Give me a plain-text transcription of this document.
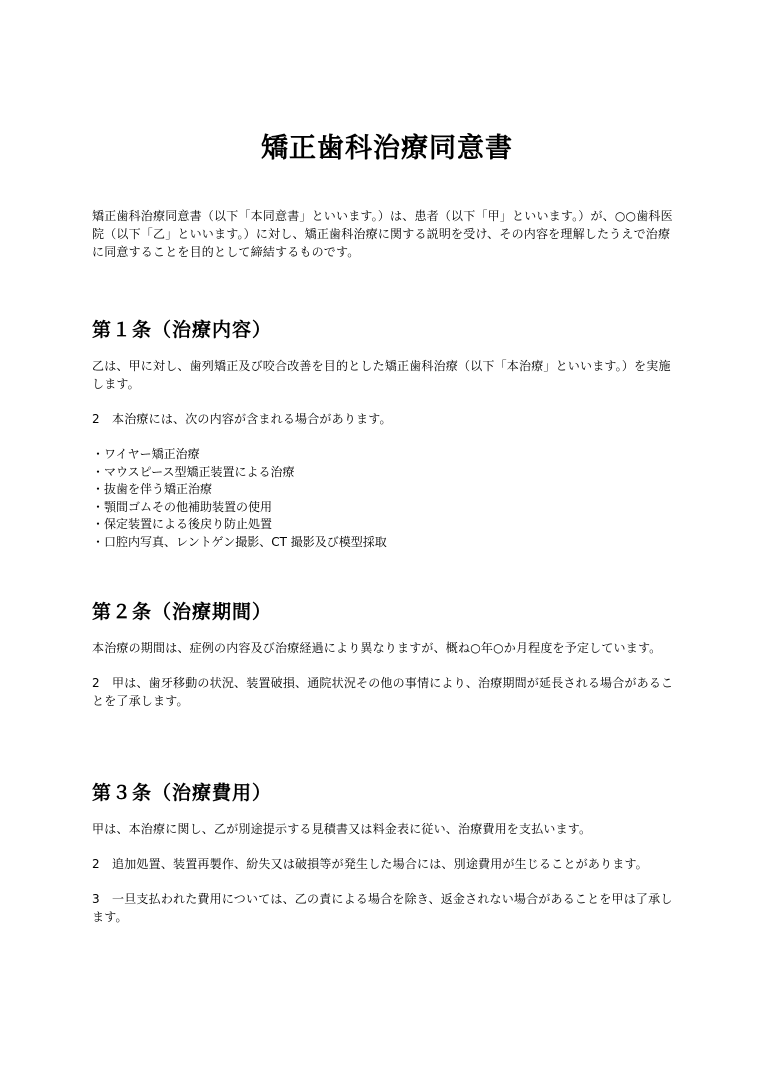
矯正歯科治療同意書

矯正歯科治療同意書（以下「本同意書」といいます。）は、患者（以下「甲」といいます。）が、○○歯科医院（以下「乙」といいます。）に対し、矯正歯科治療に関する説明を受け、その内容を理解したうえで治療に同意することを目的として締結するものです。

第１条（治療内容）

乙は、甲に対し、歯列矯正及び咬合改善を目的とした矯正歯科治療（以下「本治療」といいます。）を実施します。

2　本治療には、次の内容が含まれる場合があります。

・ ワイヤー矯正治療
・ マウスピース型矯正装置による治療
・ 抜歯を伴う矯正治療
・ 顎間ゴムその他補助装置の使用
・ 保定装置による後戻り防止処置
・ 口腔内写真、レントゲン撮影、CT 撮影及び模型採取
第２条（治療期間）

本治療の期間は、症例の内容及び治療経過により異なりますが、概ね○年○か月程度を予定しています。

2　甲は、歯牙移動の状況、装置破損、通院状況その他の事情により、治療期間が延長される場合があることを了承します。

第３条（治療費用）

甲は、本治療に関し、乙が別途提示する見積書又は料金表に従い、治療費用を支払います。

2　追加処置、装置再製作、紛失又は破損等が発生した場合には、別途費用が生じることがあります。

3　一旦支払われた費用については、乙の責による場合を除き、返金されない場合があることを甲は了承します。
